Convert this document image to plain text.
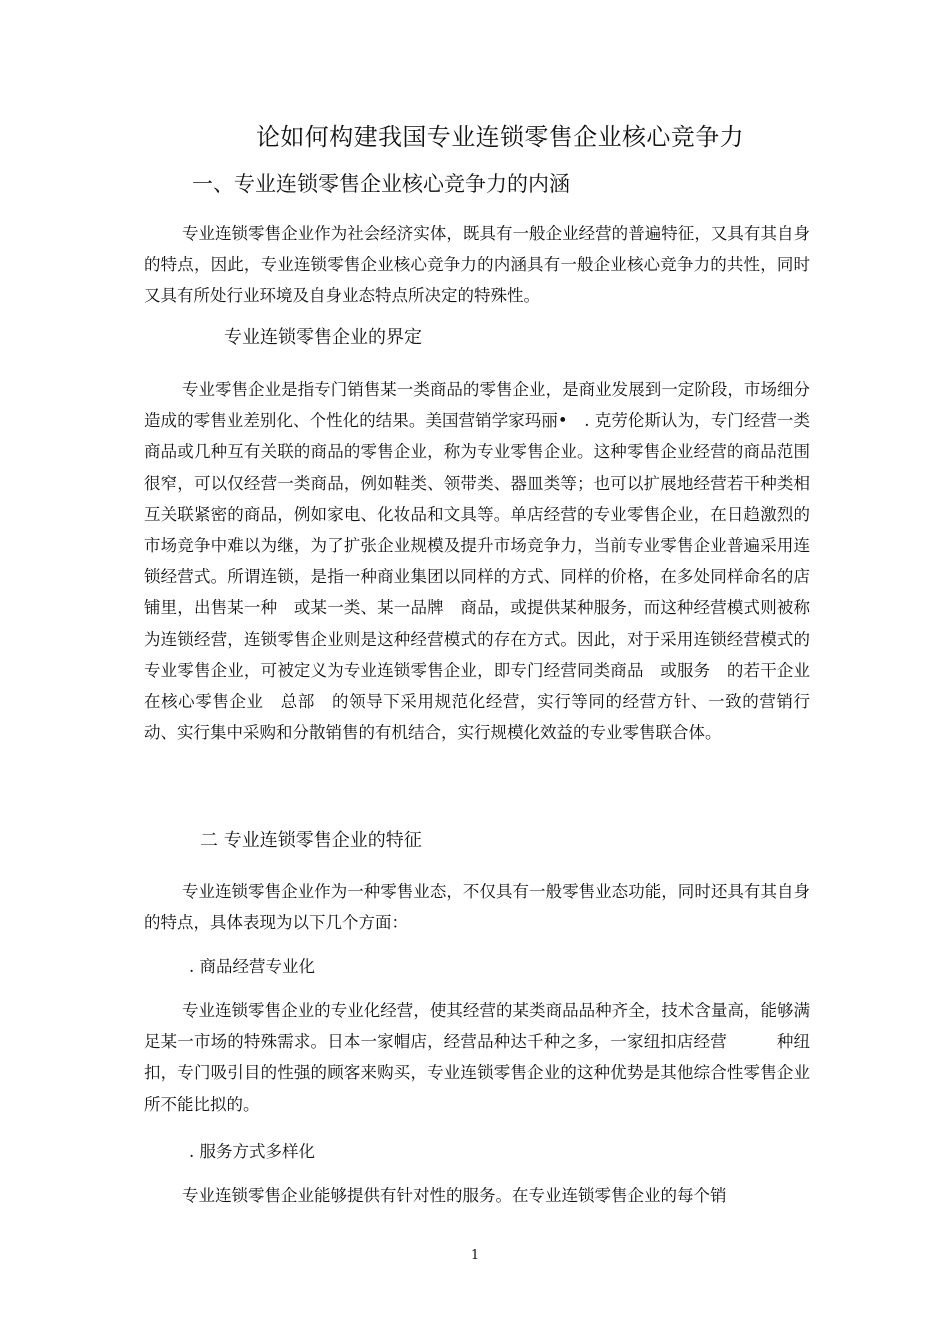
论如何构建我国专业连锁零售企业核心竞争力
一、专业连锁零售企业核心竞争力的内涵

专业连锁零售企业作为社会经济实体，既具有一般企业经营的普遍特征，又具有其自身的特点，因此，专业连锁零售企业核心竞争力的内涵具有一般企业核心竞争力的共性，同时又具有所处行业环境及自身业态特点所决定的特殊性。

专业连锁零售企业的界定

专业零售企业是指专门销售某一类商品的零售企业，是商业发展到一定阶段，市场细分造成的零售业差别化、个性化的结果。美国营销学家玛丽•　. 克劳伦斯认为，专门经营一类商品或几种互有关联的商品的零售企业，称为专业零售企业。这种零售企业经营的商品范围很窄，可以仅经营一类商品，例如鞋类、领带类、器皿类等；也可以扩展地经营若干种类相互关联紧密的商品，例如家电、化妆品和文具等。单店经营的专业零售企业，在日趋激烈的市场竞争中难以为继，为了扩张企业规模及提升市场竞争力，当前专业零售企业普遍采用连锁经营式。所谓连锁，是指一种商业集团以同样的方式、同样的价格，在多处同样命名的店铺里，出售某一种　或某一类、某一品牌　商品，或提供某种服务，而这种经营模式则被称为连锁经营，连锁零售企业则是这种经营模式的存在方式。因此，对于采用连锁经营模式的专业零售企业，可被定义为专业连锁零售企业，即专门经营同类商品　或服务　的若干企业在核心零售企业　总部　的领导下采用规范化经营，实行等同的经营方针、一致的营销行动、实行集中采购和分散销售的有机结合，实行规模化效益的专业零售联合体。

二 专业连锁零售企业的特征

专业连锁零售企业作为一种零售业态，不仅具有一般零售业态功能，同时还具有其自身的特点，具体表现为以下几个方面：

. 商品经营专业化

专业连锁零售企业的专业化经营，使其经营的某类商品品种齐全，技术含量高，能够满足某一市场的特殊需求。日本一家帽店，经营品种达千种之多，一家纽扣店经营　　　种纽扣，专门吸引目的性强的顾客来购买，专业连锁零售企业的这种优势是其他综合性零售企业所不能比拟的。

. 服务方式多样化

专业连锁零售企业能够提供有针对性的服务。在专业连锁零售企业的每个销

1
